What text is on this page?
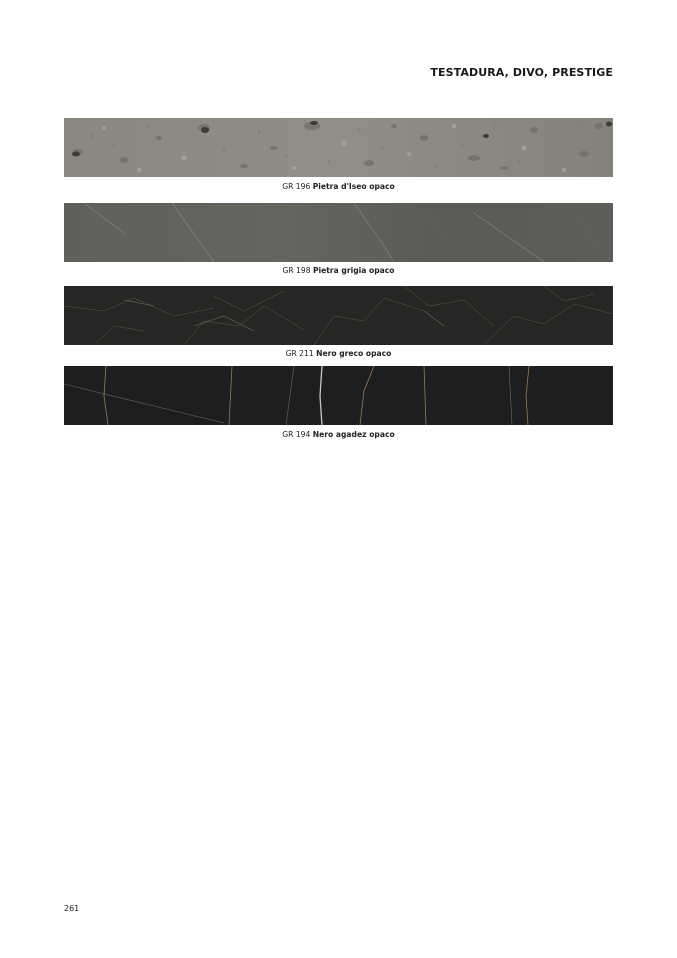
TESTADURA, DIVO, PRESTIGE
GR 196 Pietra d'Iseo opaco
GR 198 Pietra grigia opaco
GR 211 Nero greco opaco
GR 194 Nero agadez opaco
261
